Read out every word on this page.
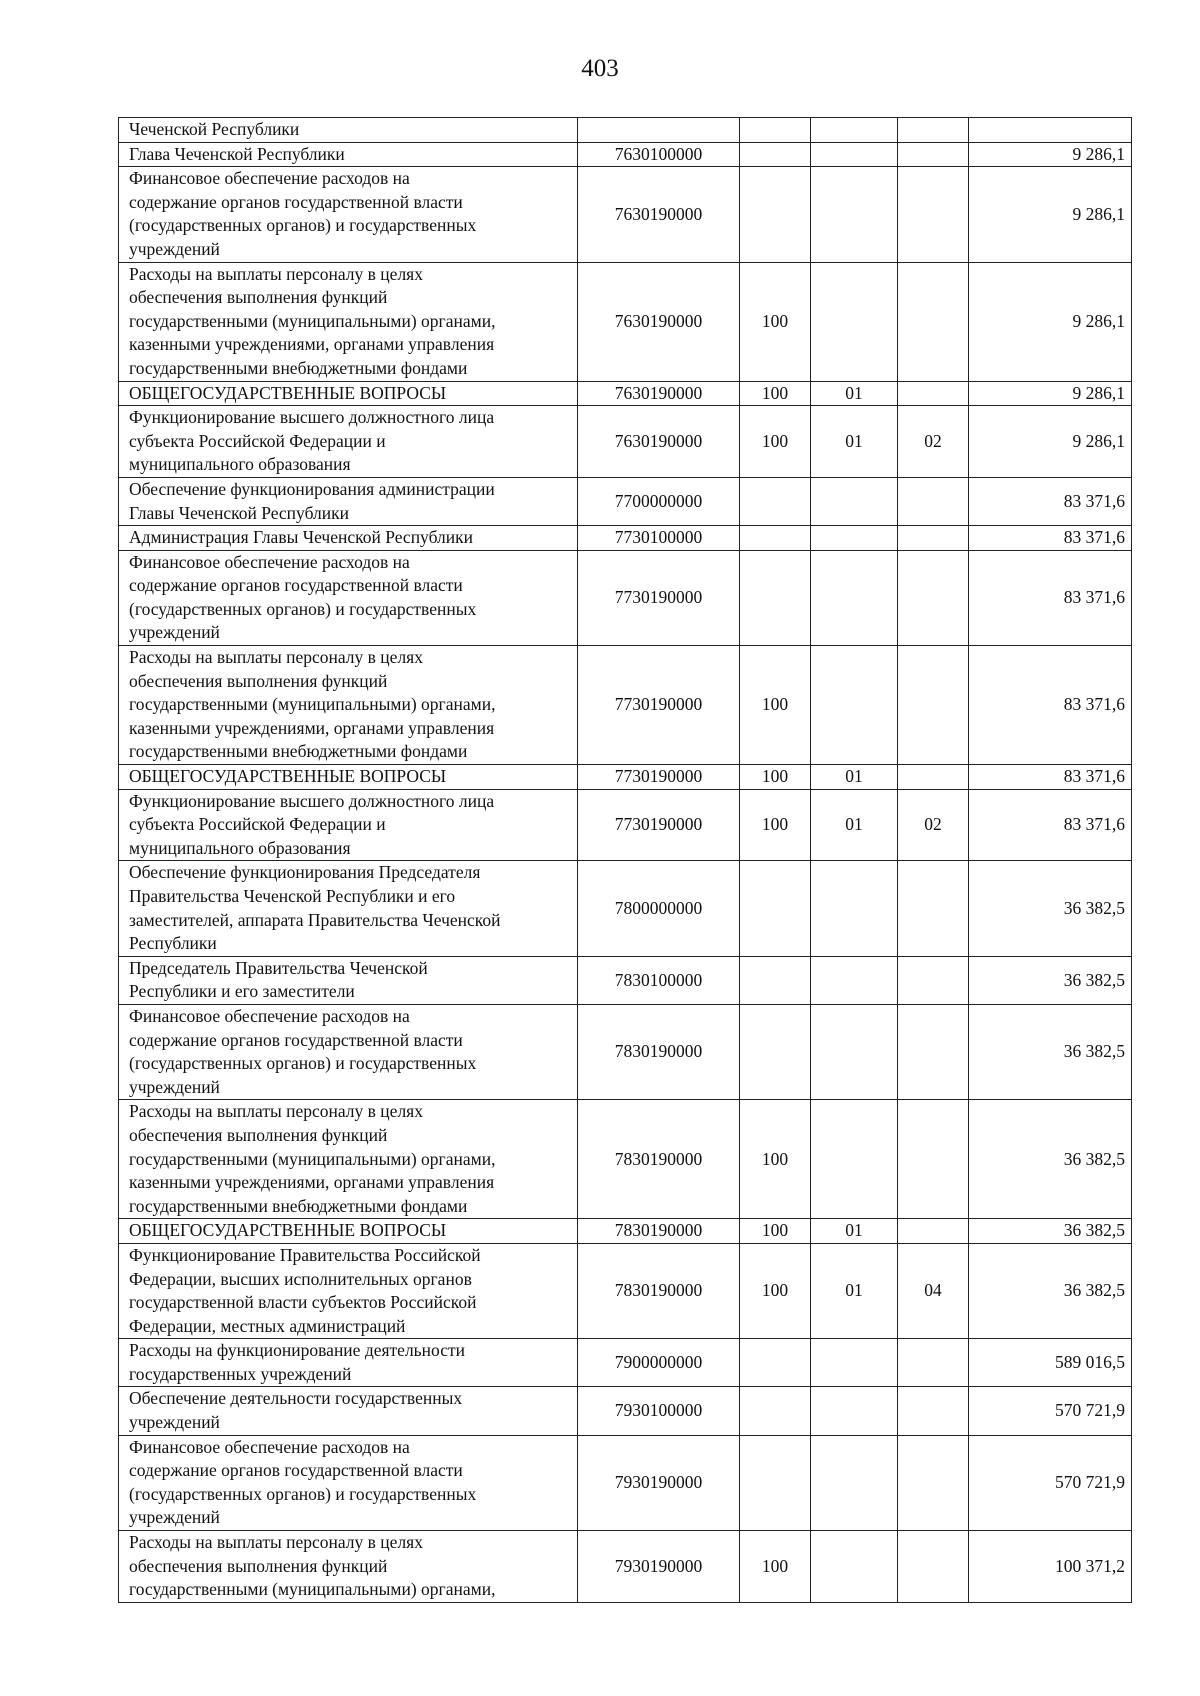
403
Чеченской Республики					
Глава Чеченской Республики	7630100000				9 286,1
Финансовое обеспечение расходов на
содержание органов государственной власти
(государственных органов) и государственных
учреждений	7630190000				9 286,1
Расходы на выплаты персоналу в целях
обеспечения выполнения функций
государственными (муниципальными) органами,
казенными учреждениями, органами управления
государственными внебюджетными фондами	7630190000	100			9 286,1
ОБЩЕГОСУДАРСТВЕННЫЕ ВОПРОСЫ	7630190000	100	01		9 286,1
Функционирование высшего должностного лица
субъекта Российской Федерации и
муниципального образования	7630190000	100	01	02	9 286,1
Обеспечение функционирования администрации
Главы Чеченской Республики	7700000000				83 371,6
Администрация Главы Чеченской Республики	7730100000				83 371,6
Финансовое обеспечение расходов на
содержание органов государственной власти
(государственных органов) и государственных
учреждений	7730190000				83 371,6
Расходы на выплаты персоналу в целях
обеспечения выполнения функций
государственными (муниципальными) органами,
казенными учреждениями, органами управления
государственными внебюджетными фондами	7730190000	100			83 371,6
ОБЩЕГОСУДАРСТВЕННЫЕ ВОПРОСЫ	7730190000	100	01		83 371,6
Функционирование высшего должностного лица
субъекта Российской Федерации и
муниципального образования	7730190000	100	01	02	83 371,6
Обеспечение функционирования Председателя
Правительства Чеченской Республики и его
заместителей, аппарата Правительства Чеченской
Республики	7800000000				36 382,5
Председатель Правительства Чеченской
Республики и его заместители	7830100000				36 382,5
Финансовое обеспечение расходов на
содержание органов государственной власти
(государственных органов) и государственных
учреждений	7830190000				36 382,5
Расходы на выплаты персоналу в целях
обеспечения выполнения функций
государственными (муниципальными) органами,
казенными учреждениями, органами управления
государственными внебюджетными фондами	7830190000	100			36 382,5
ОБЩЕГОСУДАРСТВЕННЫЕ ВОПРОСЫ	7830190000	100	01		36 382,5
Функционирование Правительства Российской
Федерации, высших исполнительных органов
государственной власти субъектов Российской
Федерации, местных администраций	7830190000	100	01	04	36 382,5
Расходы на функционирование деятельности
государственных учреждений	7900000000				589 016,5
Обеспечение деятельности государственных
учреждений	7930100000				570 721,9
Финансовое обеспечение расходов на
содержание органов государственной власти
(государственных органов) и государственных
учреждений	7930190000				570 721,9
Расходы на выплаты персоналу в целях
обеспечения выполнения функций
государственными (муниципальными) органами,	7930190000	100			100 371,2
